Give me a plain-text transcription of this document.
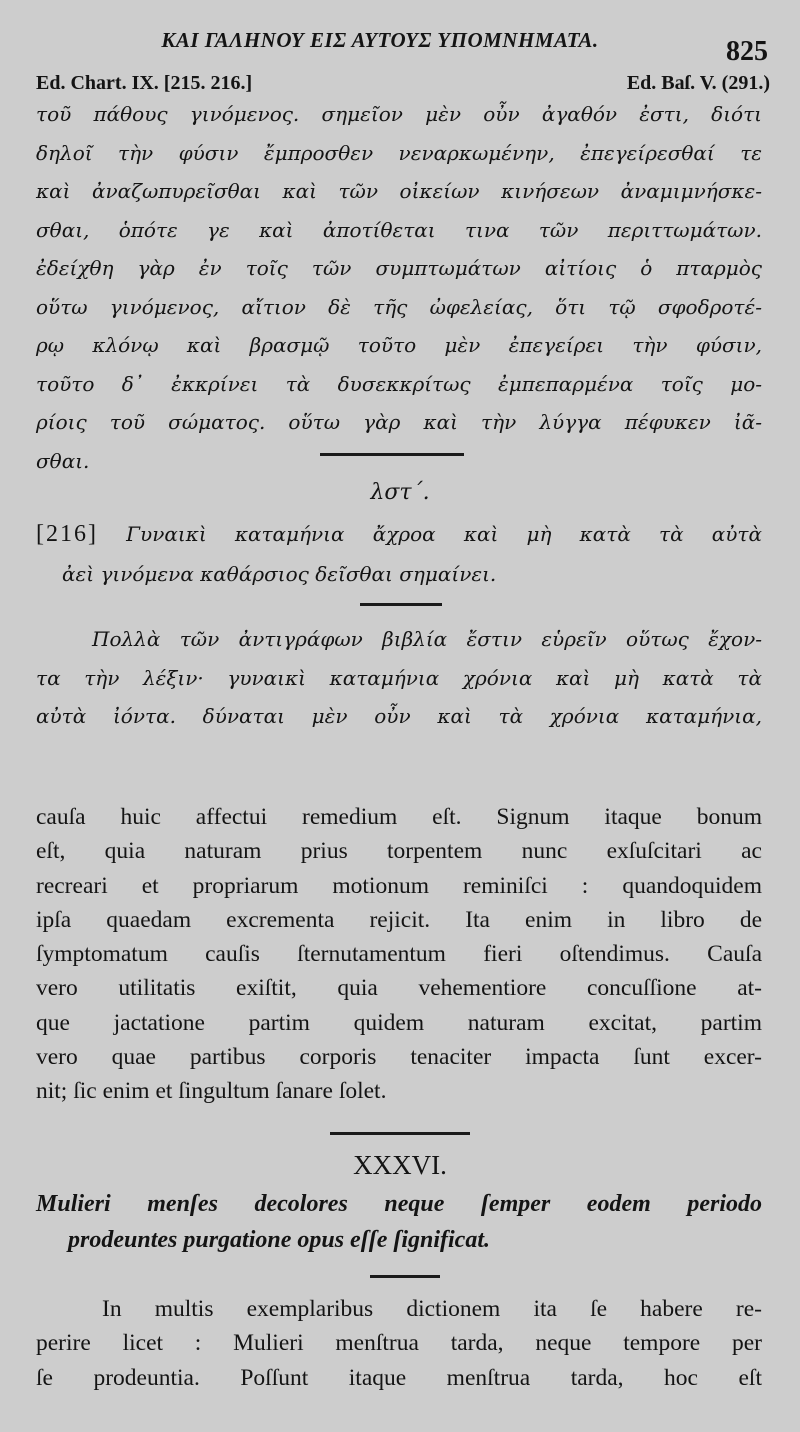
ΚΑΙ ΓΑΛΗΝΟΥ ΕΙΣ ΑΥΤΟΥΣ ΥΠΟΜΝΗΜΑΤΑ.	825
Ed. Chart. IX. [215. 216.]	Ed. Baſ. V. (291.)
τοῦ πάθους γινόμενος. σημεῖον μὲν οὖν ἀγαθόν ἐστι, διότι
δηλοῖ τὴν φύσιν ἔμπροσθεν νεναρκωμένην, ἐπεγείρεσθαί τε
καὶ ἀναζωπυρεῖσθαι καὶ τῶν οἰκείων κινήσεων ἀναμιμνήσκε-
σθαι, ὁπότε γε καὶ ἀποτίθεται τινα τῶν περιττωμάτων.
ἐδείχθη γὰρ ἐν τοῖς τῶν συμπτωμάτων αἰτίοις ὁ πταρμὸς
οὕτω γινόμενος, αἴτιον δὲ τῆς ὠφελείας, ὅτι τῷ σφοδροτέ-
ρῳ κλόνῳ καὶ βρασμῷ τοῦτο μὲν ἐπεγείρει τὴν φύσιν,
τοῦτο δ᾽ ἐκκρίνει τὰ δυσεκκρίτως ἐμπεπαρμένα τοῖς μο-
ρίοις τοῦ σώματος. οὕτω γὰρ καὶ τὴν λύγγα πέφυκεν ἰᾶ-
σθαι.
λστ΄.
[216] Γυναικὶ καταμήνια ἄχροα καὶ μὴ κατὰ τὰ αὐτὰ
ἀεὶ γινόμενα καθάρσιος δεῖσθαι σημαίνει.
Πολλὰ τῶν ἀντιγράφων βιβλία ἔστιν εὑρεῖν οὕτως ἔχον-
τα τὴν λέξιν· γυναικὶ καταμήνια χρόνια καὶ μὴ κατὰ τὰ
αὐτὰ ἰόντα. δύναται μὲν οὖν καὶ τὰ χρόνια καταμήνια,
cauſa huic affectui remedium eſt. Signum itaque bonum
eſt, quia naturam prius torpentem nunc exſuſcitari ac
recreari et propriarum motionum reminiſci : quandoquidem
ipſa quaedam excrementa rejicit. Ita enim in libro de
ſymptomatum cauſis ſternutamentum fieri oſtendimus. Cauſa
vero utilitatis exiſtit, quia vehementiore concuſſione at-
que jactatione partim quidem naturam excitat, partim
vero quae partibus corporis tenaciter impacta ſunt excer-
nit; ſic enim et ſingultum ſanare ſolet.
XXXVI.
Mulieri menſes decolores neque ſemper eodem periodo
prodeuntes purgatione opus eſſe ſignificat.
In multis exemplaribus dictionem ita ſe habere re-
perire licet : Mulieri menſtrua tarda, neque tempore per
ſe prodeuntia. Poſſunt itaque menſtrua tarda, hoc eſt
